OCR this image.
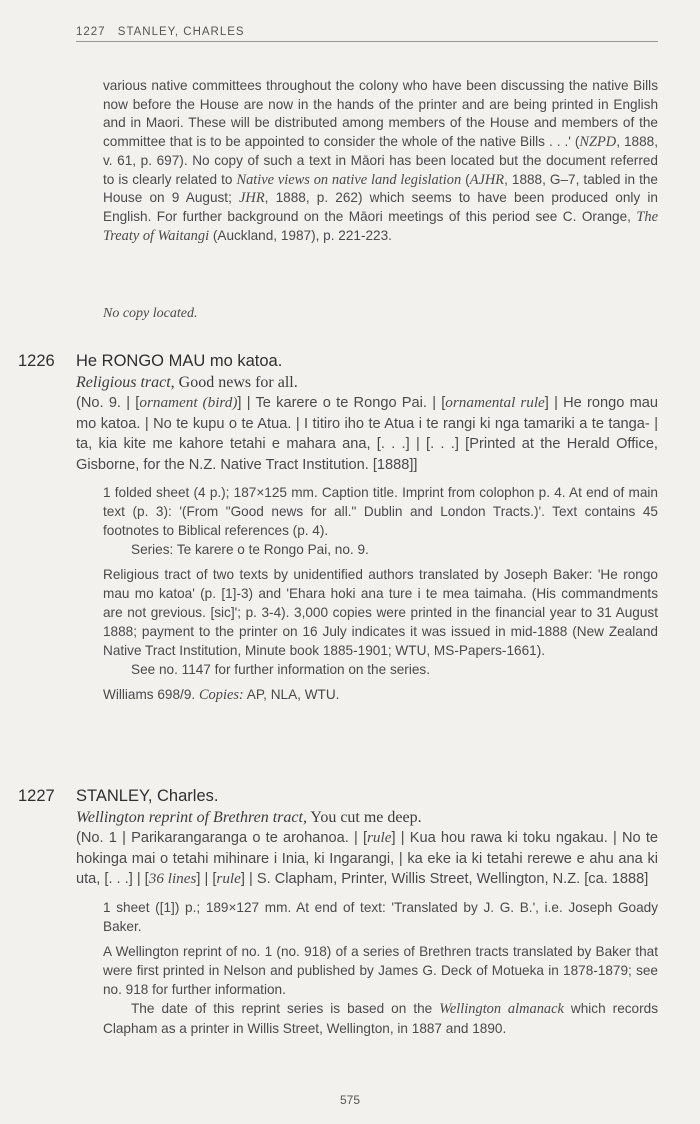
1227 STANLEY, CHARLES

various native committees throughout the colony who have been discussing the native Bills now before the House are now in the hands of the printer and are being printed in English and in Maori. These will be distributed among members of the House and members of the committee that is to be appointed to consider the whole of the native Bills . . .' (NZPD, 1888, v. 61, p. 697). No copy of such a text in Māori has been located but the document referred to is clearly related to Native views on native land legislation (AJHR, 1888, G–7, tabled in the House on 9 August; JHR, 1888, p. 262) which seems to have been produced only in English. For further background on the Māori meetings of this period see C. Orange, The Treaty of Waitangi (Auckland, 1987), p. 221-223.

No copy located.
1226 He RONGO MAU mo katoa.
Religious tract, Good news for all.
(No. 9. | [ornament (bird)] | Te karere o te Rongo Pai. | [ornamental rule] | He rongo mau mo katoa. | No te kupu o te Atua. | I titiro iho te Atua i te rangi ki nga tamariki a te tanga- | ta, kia kite me kahore tetahi e mahara ana, [. . .] | [. . .] [Printed at the Herald Office, Gisborne, for the N.Z. Native Tract Institution. [1888]]

1 folded sheet (4 p.); 187×125 mm. Caption title. Imprint from colophon p. 4. At end of main text (p. 3): '(From "Good news for all." Dublin and London Tracts.)'. Text contains 45 footnotes to Biblical references (p. 4).

Series: Te karere o te Rongo Pai, no. 9.

Religious tract of two texts by unidentified authors translated by Joseph Baker: 'He rongo mau mo katoa' (p. [1]-3) and 'Ehara hoki ana ture i te mea taimaha. (His commandments are not grevious. [sic]'; p. 3-4). 3,000 copies were printed in the financial year to 31 August 1888; payment to the printer on 16 July indicates it was issued in mid-1888 (New Zealand Native Tract Institution, Minute book 1885-1901; WTU, MS-Papers-1661).

See no. 1147 for further information on the series.

Williams 698/9. Copies: AP, NLA, WTU.

1227 STANLEY, Charles.
Wellington reprint of Brethren tract, You cut me deep.
(No. 1 | Parikarangaranga o te arohanoa. | [rule] | Kua hou rawa ki toku ngakau. | No te hokinga mai o tetahi mihinare i Inia, ki Ingarangi, | ka eke ia ki tetahi rerewe e ahu ana ki uta, [. . .] | [36 lines] | [rule] | S. Clapham, Printer, Willis Street, Wellington, N.Z. [ca. 1888]

1 sheet ([1]) p.; 189×127 mm. At end of text: 'Translated by J. G. B.', i.e. Joseph Goady Baker.

A Wellington reprint of no. 1 (no. 918) of a series of Brethren tracts translated by Baker that were first printed in Nelson and published by James G. Deck of Motueka in 1878-1879; see no. 918 for further information.

The date of this reprint series is based on the Wellington almanack which records Clapham as a printer in Willis Street, Wellington, in 1887 and 1890.

575
